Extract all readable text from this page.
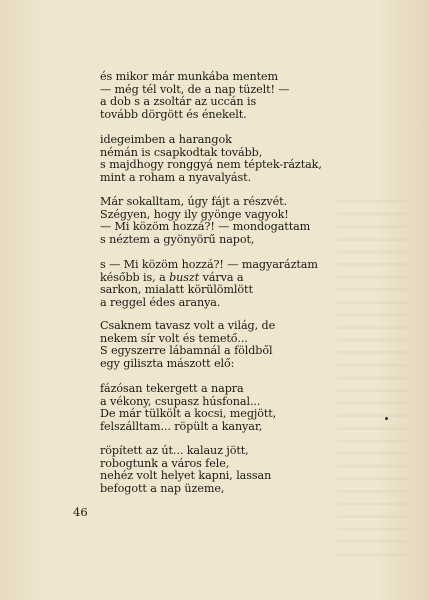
és mikor már munkába mentem
— még tél volt, de a nap tüzelt! —
a dob s a zsoltár az uccán is
tovább dörgött és énekelt.
idegeimben a harangok
némán is csapkodtak tovább,
s majdhogy ronggyá nem téptek-ráztak,
mint a roham a nyavalyást.
Már sokalltam, úgy fájt a részvét.
Szégyen, hogy ily gyönge vagyok!
— Mi közöm hozzá?! — mondogattam
s néztem a gyönyörű napot,
s — Mi közöm hozzá?! — magyaráztam
később is, a buszt várva a
sarkon, mialatt körülömlött
a reggel édes aranya.
Csaknem tavasz volt a világ, de
nekem sír volt és temető...
S egyszerre lábamnál a földből
egy giliszta mászott elő:
fázósan tekergett a napra
a vékony, csupasz húsfonal...
De már tülkölt a kocsi, megjött,
felszálltam... röpült a kanyar,
röpített az út... kalauz jött,
robogtunk a város fele,
nehéz volt helyet kapni, lassan
befogott a nap üzeme,
46
